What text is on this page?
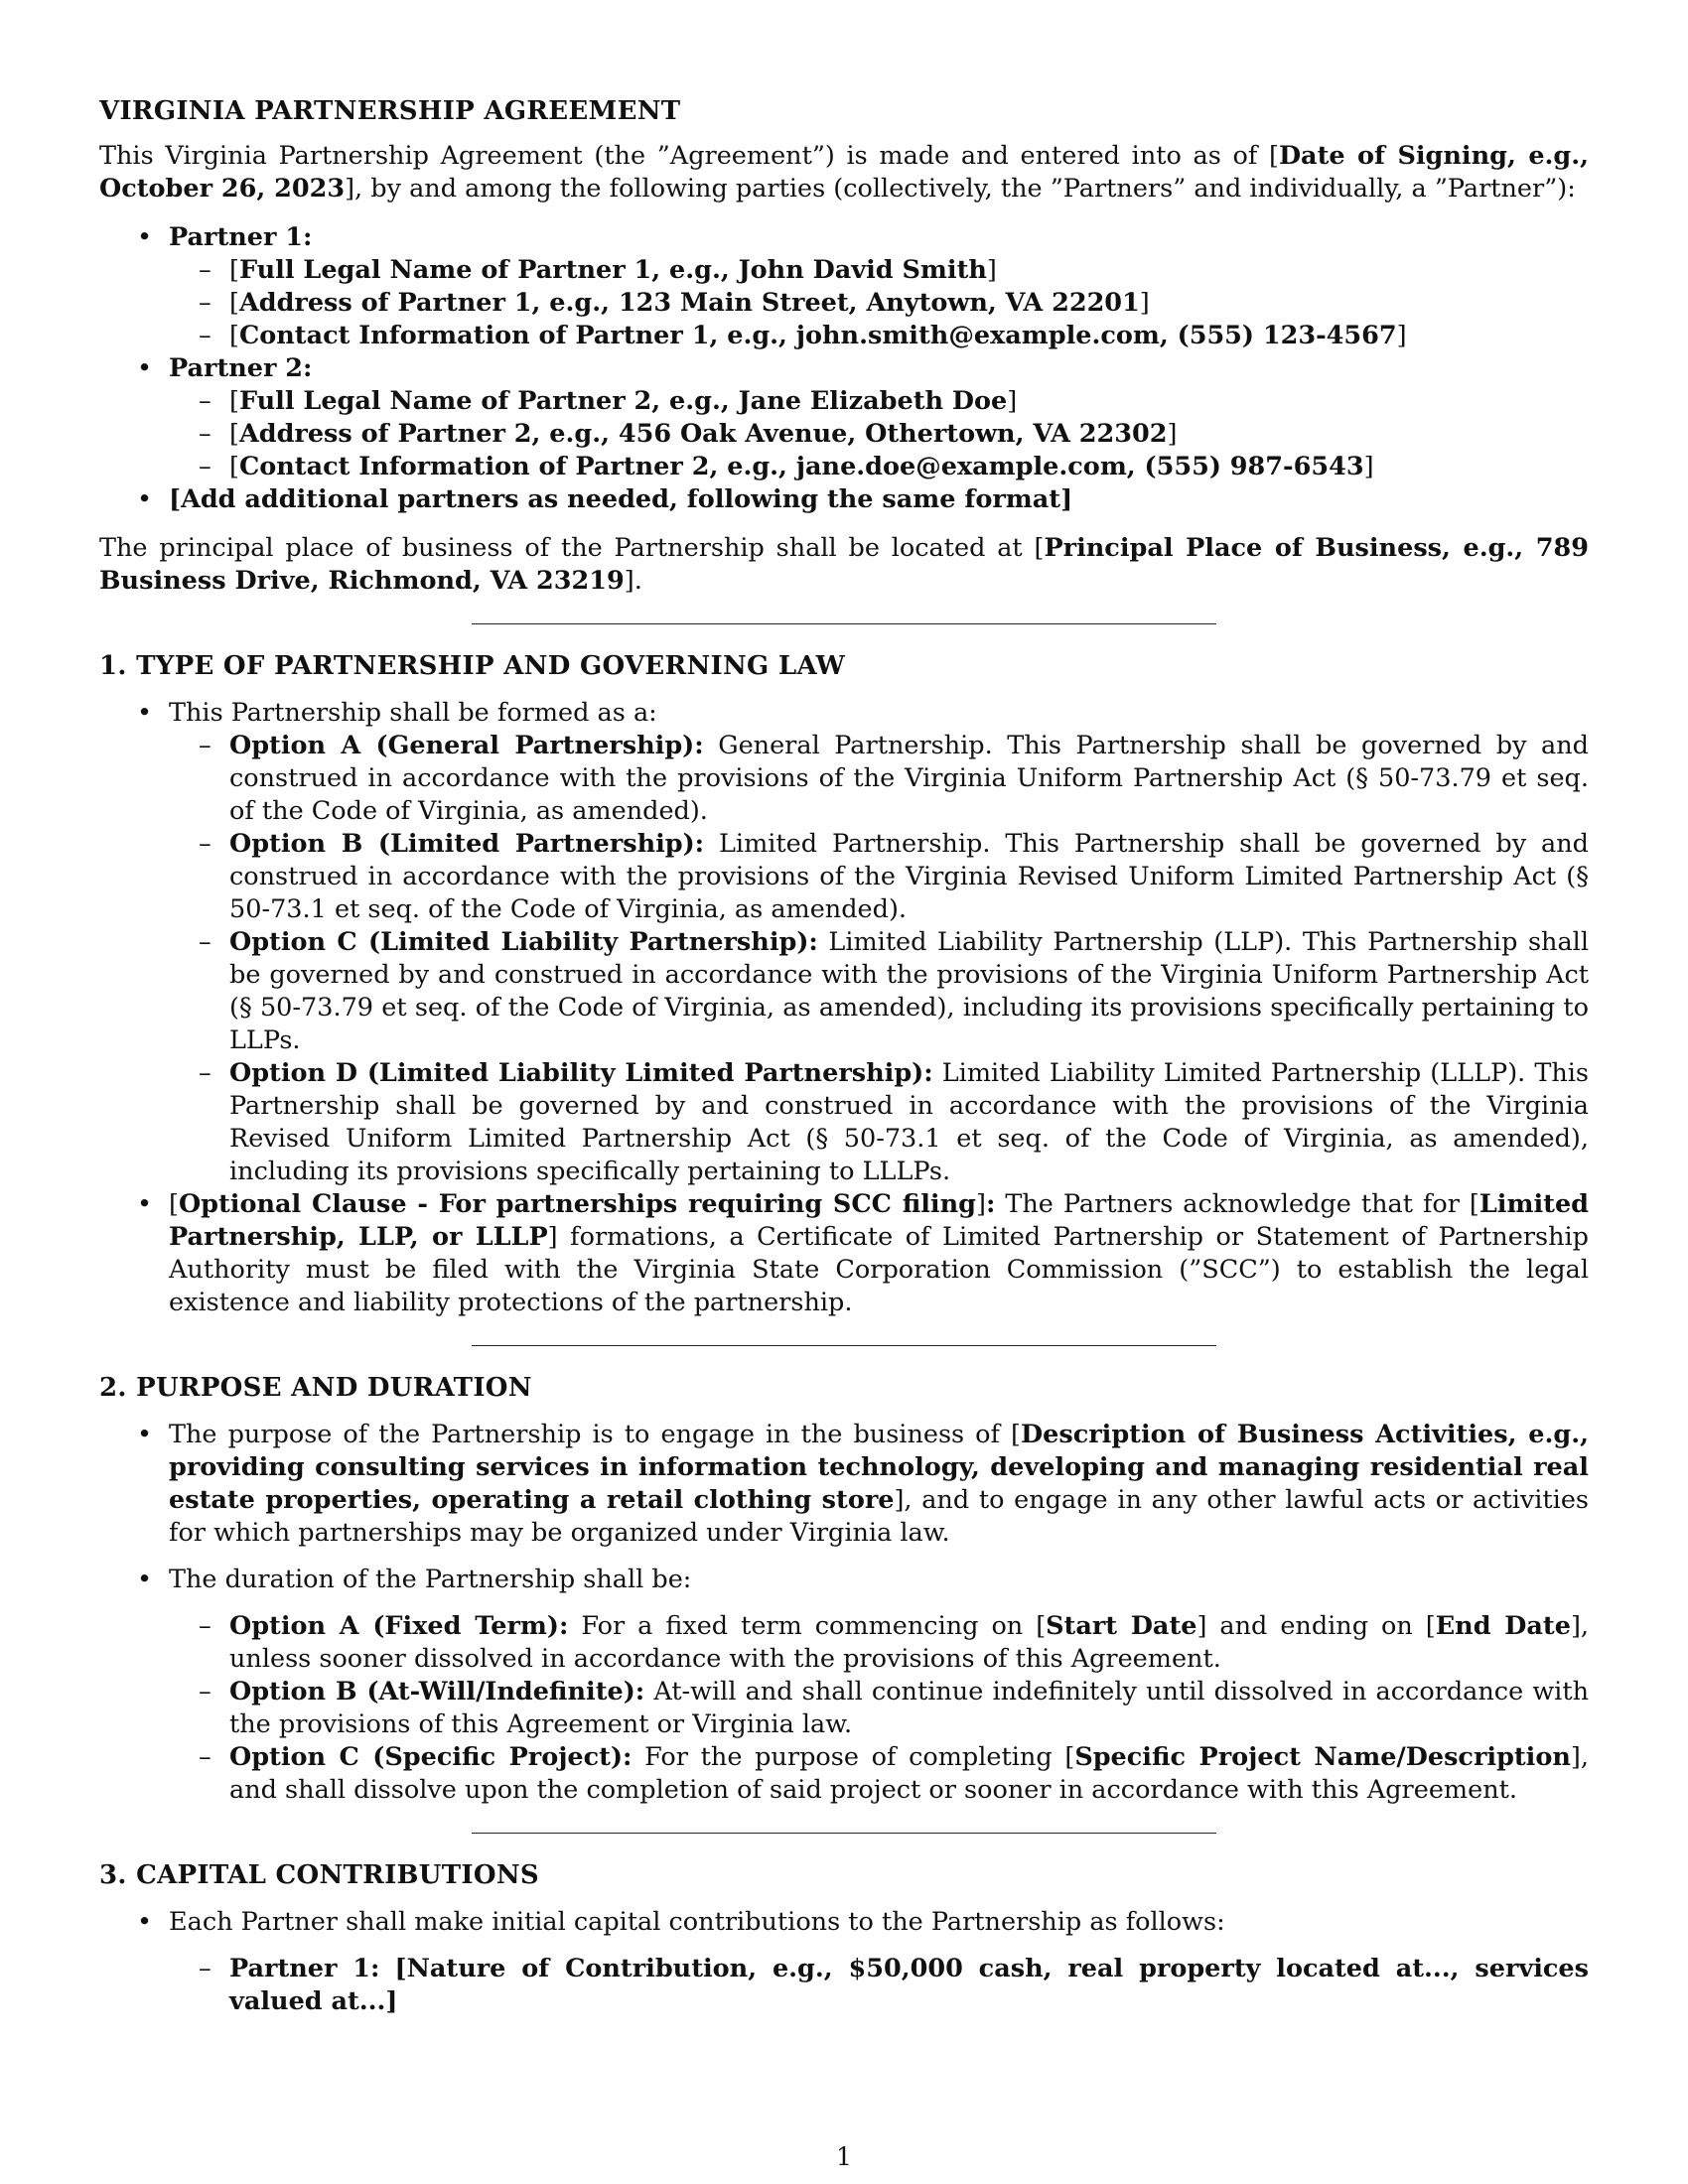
VIRGINIA PARTNERSHIP AGREEMENT

This Virginia Partnership Agreement (the ”Agreement”) is made and entered into as of [Date of Signing, e.g., October 26, 2023], by and among the following parties (collectively, the ”Partners” and individually, a ”Partner”):

• Partner 1:
– [Full Legal Name of Partner 1, e.g., John David Smith]
– [Address of Partner 1, e.g., 123 Main Street, Anytown, VA 22201]
– [Contact Information of Partner 1, e.g., john.smith@example.com, (555) 123-4567]
• Partner 2:
– [Full Legal Name of Partner 2, e.g., Jane Elizabeth Doe]
– [Address of Partner 2, e.g., 456 Oak Avenue, Othertown, VA 22302]
– [Contact Information of Partner 2, e.g., jane.doe@example.com, (555) 987-6543]
• [Add additional partners as needed, following the same format]

The principal place of business of the Partnership shall be located at [Principal Place of Business, e.g., 789 Business Drive, Richmond, VA 23219].

1. TYPE OF PARTNERSHIP AND GOVERNING LAW
• This Partnership shall be formed as a:
– Option A (General Partnership): General Partnership. This Partnership shall be governed by and construed in accordance with the provisions of the Virginia Uniform Partnership Act (§ 50-73.79 et seq. of the Code of Virginia, as amended).
– Option B (Limited Partnership): Limited Partnership. This Partnership shall be governed by and construed in accordance with the provisions of the Virginia Revised Uniform Limited Partnership Act (§ 50-73.1 et seq. of the Code of Virginia, as amended).
– Option C (Limited Liability Partnership): Limited Liability Partnership (LLP). This Partnership shall be governed by and construed in accordance with the provisions of the Virginia Uniform Partnership Act (§ 50-73.79 et seq. of the Code of Virginia, as amended), including its provisions specifically pertaining to LLPs.
– Option D (Limited Liability Limited Partnership): Limited Liability Limited Partnership (LLLP). This Partnership shall be governed by and construed in accordance with the provisions of the Virginia Revised Uniform Limited Partnership Act (§ 50-73.1 et seq. of the Code of Virginia, as amended), including its provisions specifically pertaining to LLLPs.
• [Optional Clause - For partnerships requiring SCC filing]: The Partners acknowledge that for [Limited Partnership, LLP, or LLLP] formations, a Certificate of Limited Partnership or Statement of Partnership Authority must be filed with the Virginia State Corporation Commission (”SCC”) to establish the legal existence and liability protections of the partnership.
2. PURPOSE AND DURATION
• The purpose of the Partnership is to engage in the business of [Description of Business Activities, e.g., providing consulting services in information technology, developing and managing residential real estate properties, operating a retail clothing store], and to engage in any other lawful acts or activities for which partnerships may be organized under Virginia law.
• The duration of the Partnership shall be:
– Option A (Fixed Term): For a fixed term commencing on [Start Date] and ending on [End Date], unless sooner dissolved in accordance with the provisions of this Agreement.
– Option B (At-Will/Indefinite): At-will and shall continue indefinitely until dissolved in accordance with the provisions of this Agreement or Virginia law.
– Option C (Specific Project): For the purpose of completing [Specific Project Name/Description], and shall dissolve upon the completion of said project or sooner in accordance with this Agreement.
3. CAPITAL CONTRIBUTIONS
• Each Partner shall make initial capital contributions to the Partnership as follows:
– Partner 1: [Nature of Contribution, e.g., $50,000 cash, real property located at..., services valued at...]
1
